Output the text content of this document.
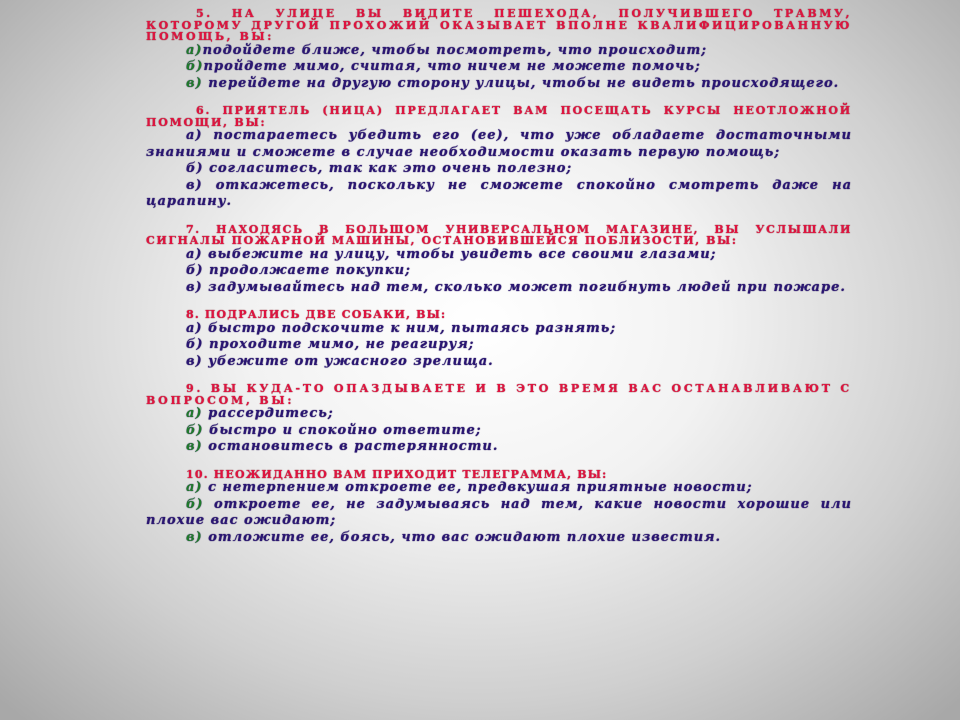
5. НА УЛИЦЕ ВЫ ВИДИТЕ ПЕШЕХОДА, ПОЛУЧИВШЕГО ТРАВМУ, КОТОРОМУ ДРУГОЙ ПРОХОЖИЙ ОКАЗЫВАЕТ ВПОЛНЕ КВАЛИФИЦИРОВАННУЮ ПОМОЩЬ, ВЫ:

а)подойдете ближе, чтобы посмотреть, что происходит;

б)пройдете мимо, считая, что ничем не можете помочь;

в) перейдете на другую сторону улицы, чтобы не видеть происходящего.

6. ПРИЯТЕЛЬ (НИЦА) ПРЕДЛАГАЕТ ВАМ ПОСЕЩАТЬ КУРСЫ НЕОТЛОЖНОЙ ПОМОЩИ, ВЫ:

а) постараетесь убедить его (ее), что уже обладаете достаточными знаниями и сможете в случае необходимости оказать первую помощь;

б) согласитесь, так как это очень полезно;

в) откажетесь, поскольку не сможете спокойно смотреть даже на царапину.

7. НАХОДЯСЬ В БОЛЬШОМ УНИВЕРСАЛЬНОМ МАГАЗИНЕ, ВЫ УСЛЫШАЛИ СИГНАЛЫ ПОЖАРНОЙ МАШИНЫ, ОСТАНОВИВШЕЙСЯ ПОБЛИЗОСТИ, ВЫ:

а) выбежите на улицу, чтобы увидеть все своими глазами;

б) продолжаете покупки;

в) задумывайтесь над тем, сколько может погибнуть людей при пожаре.

8. ПОДРАЛИСЬ ДВЕ СОБАКИ, ВЫ:

а) быстро подскочите к ним, пытаясь разнять;

б) проходите мимо, не реагируя;

в) убежите от ужасного зрелища.

9. ВЫ КУДА-ТО ОПАЗДЫВАЕТЕ И В ЭТО ВРЕМЯ ВАС ОСТАНАВЛИВАЮТ С ВОПРОСОМ, ВЫ:

а) рассердитесь;

б) быстро и спокойно ответите;

в) остановитесь в растерянности.

10. НЕОЖИДАННО ВАМ ПРИХОДИТ ТЕЛЕГРАММА, ВЫ:

а) с нетерпением откроете ее, предвкушая приятные новости;

б) откроете ее, не задумываясь над тем, какие новости хорошие или плохие вас ожидают;

в) отложите ее, боясь, что вас ожидают плохие известия.
